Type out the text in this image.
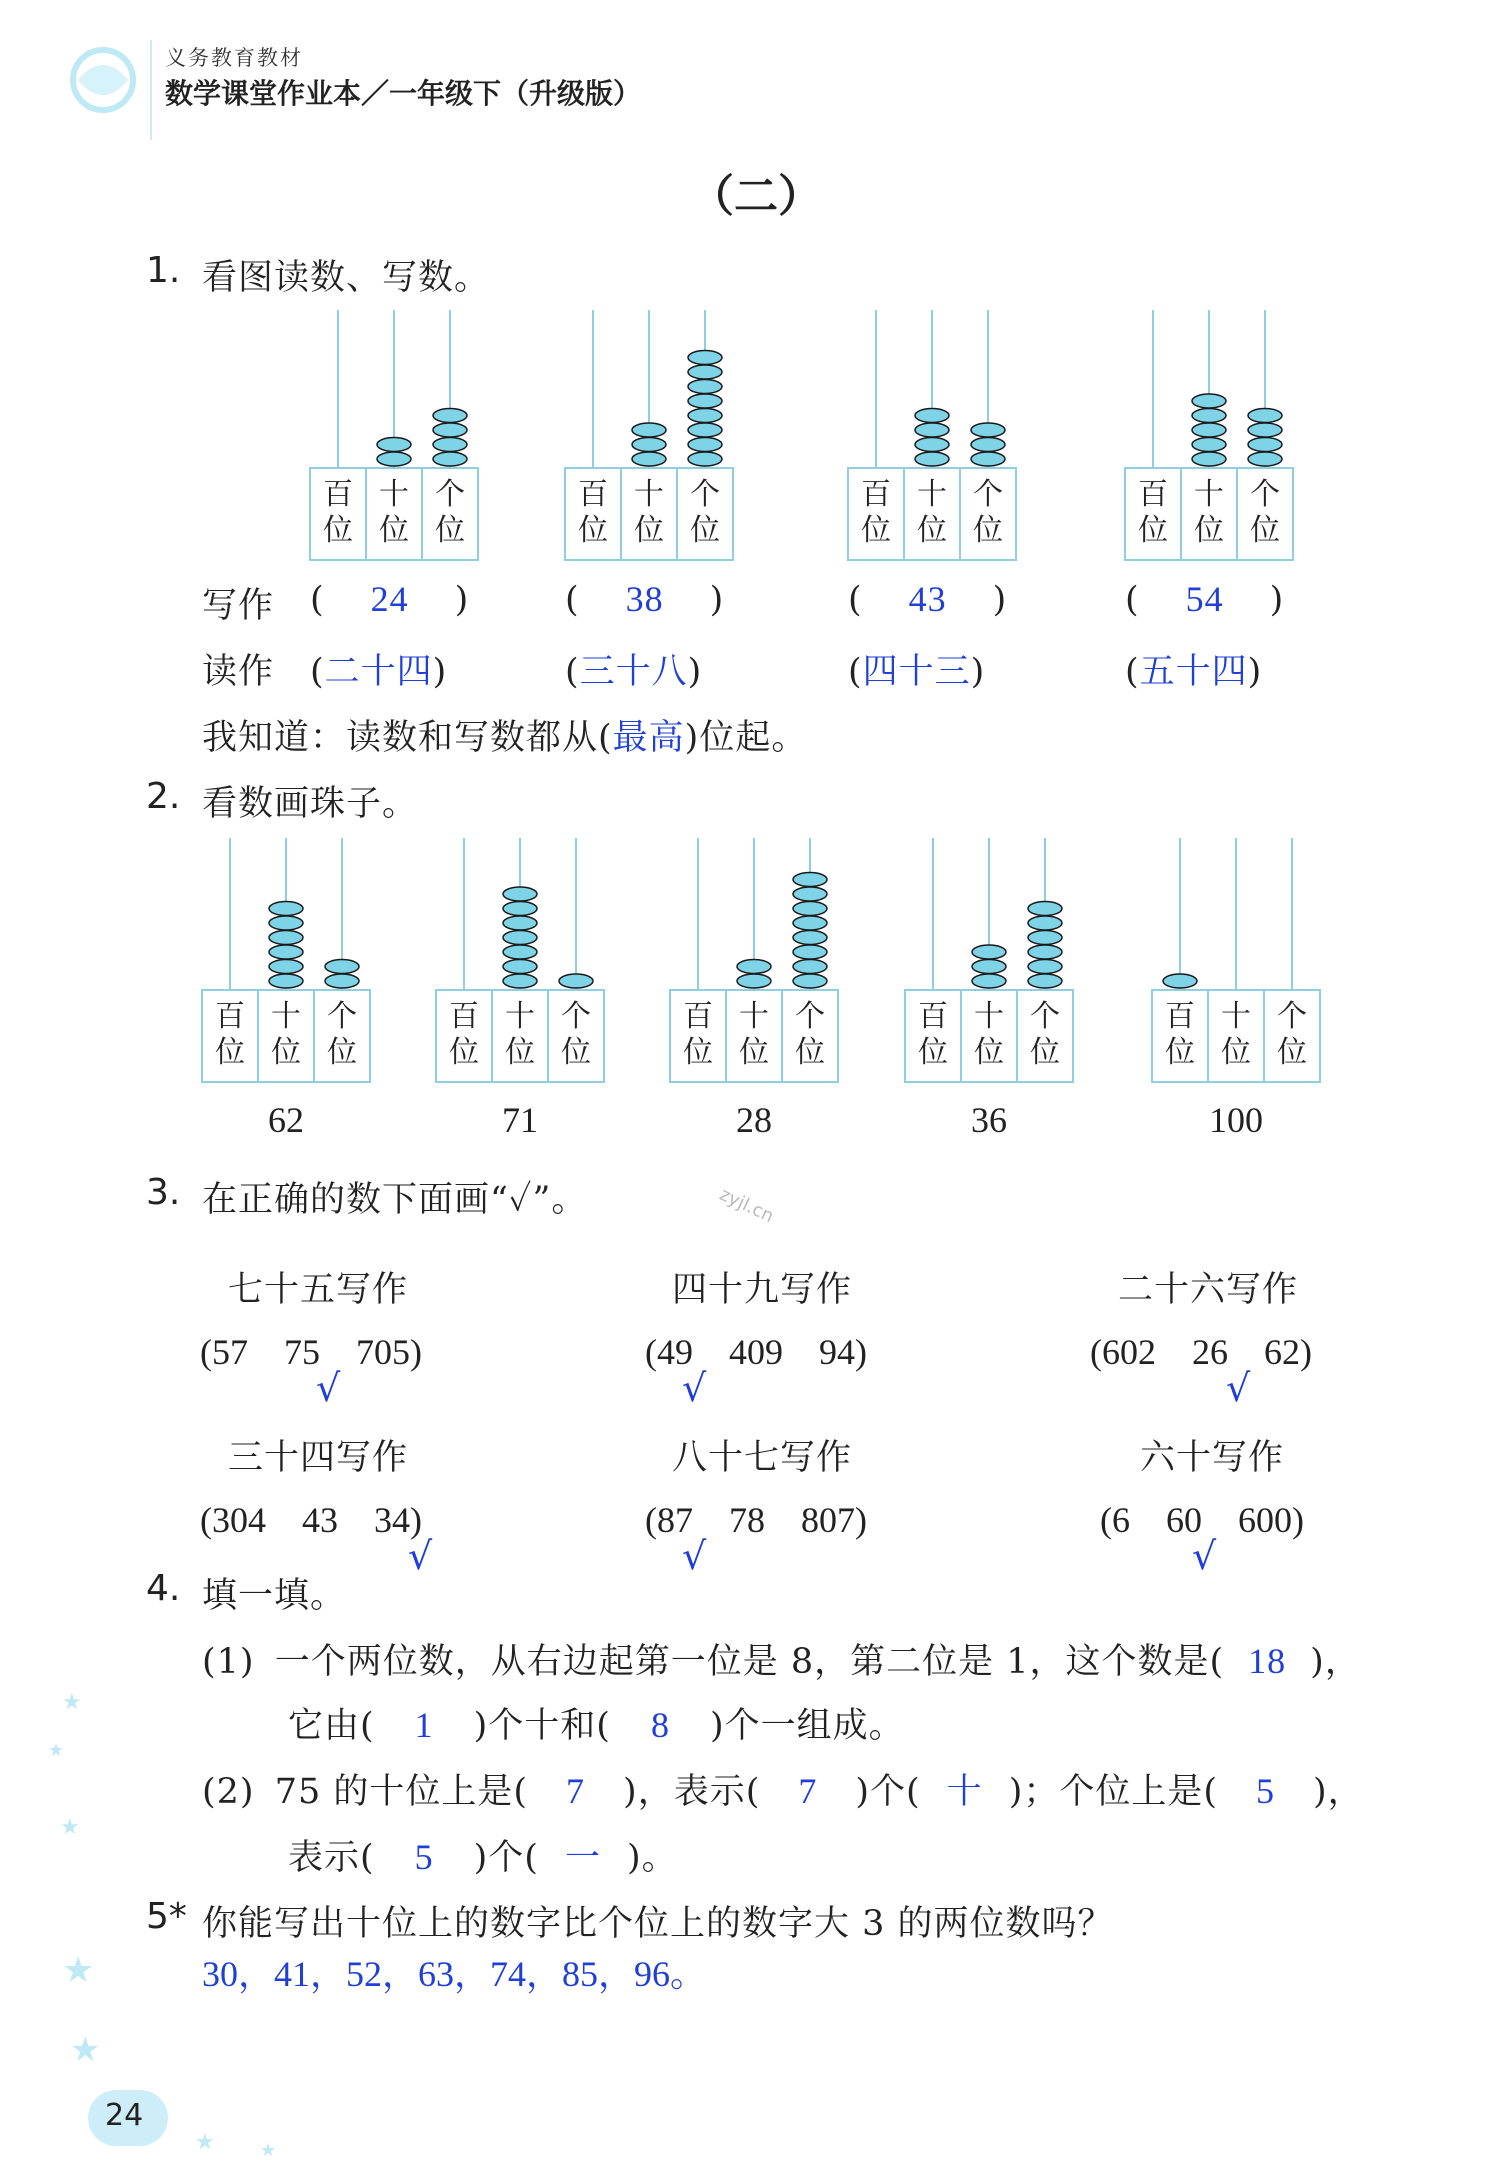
义务教育教材
数学课堂作业本／一年级下（升级版）
（二）
1. 看图读数、写数。
百
位
十
位
个
位
百
位
十
位
个
位
百
位
十
位
个
位
百
位
十
位
个
位
写作
读作
( 24 )
(二十四)
( 38 )
(三十八)
( 43 )
(四十三)
( 54 )
(五十四)
我知道：读数和写数都从(最高)位起。
2. 看数画珠子。
百
位
十
位
个
位
62
百
位
十
位
个
位
71
百
位
十
位
个
位
28
百
位
十
位
个
位
36
百
位
十
位
个
位
100
3. 在正确的数下面画“✓”。	zyjl.cn
七十五写作
(57　75　705)
√
四十九写作
(49　409　94)
√
二十六写作
(602　26　62)
√
三十四写作
(304　43　34)
√
八十七写作
(87　78　807)
√
六十写作
(6　60　600)
√
4. 填一填。
(1) 一个两位数，从右边起第一位是 8，第二位是 1，这个数是( 18 )，
它由( 1 )个十和( 8 )个一组成。
(2) 75 的十位上是( 7 )，表示( 7 )个( 十 )；个位上是( 5 )，
表示( 5 )个( 一 )。
5* 你能写出十位上的数字比个位上的数字大 3 的两位数吗？
30，41，52，63，74，85，96。
★
★
★
★
★
★	★
24
